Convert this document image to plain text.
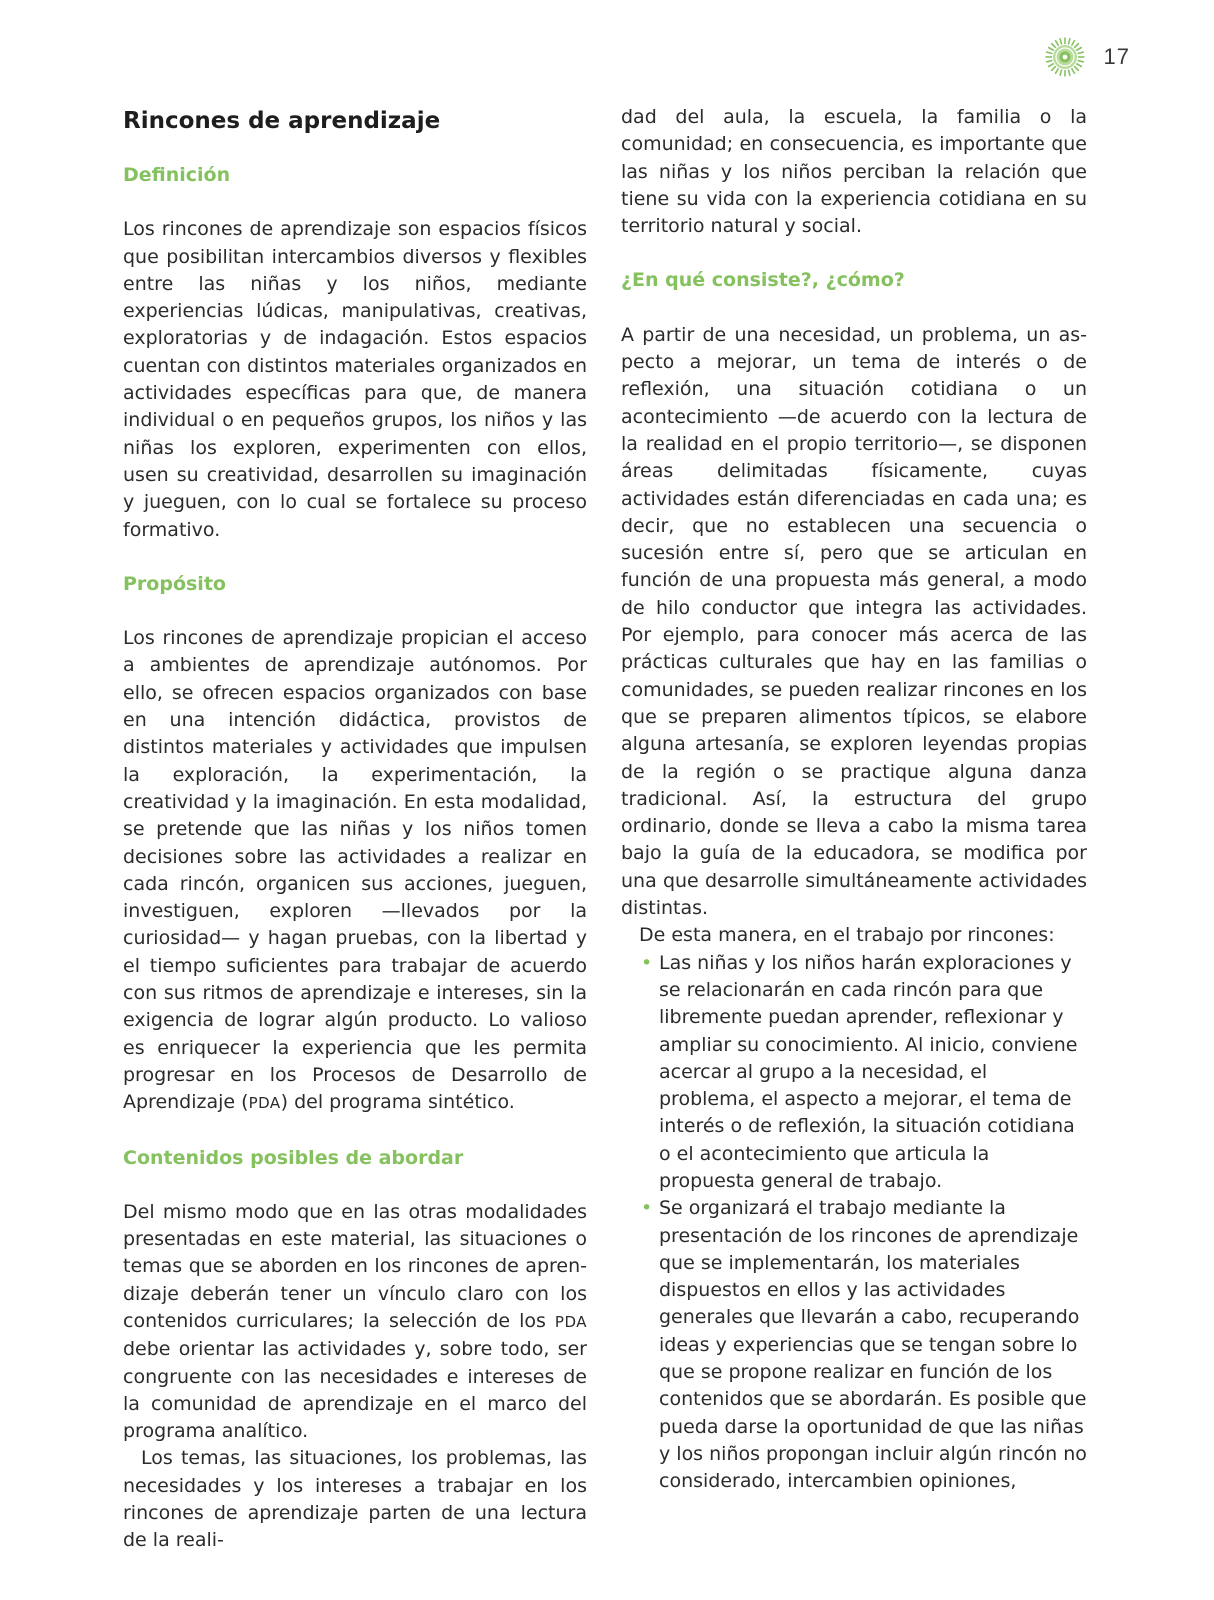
17
Rincones de aprendizaje
Definición

Los rincones de aprendizaje son espacios físicos que posibilitan intercambios diversos y flexibles entre las niñas y los niños, mediante experiencias lúdicas, manipulativas, creativas, exploratorias y de indagación. Estos espacios cuentan con distintos materiales organizados en actividades específicas para que, de manera individual o en pequeños grupos, los niños y las niñas los exploren, experimenten con ellos, usen su creatividad, desarrollen su imaginación y jueguen, con lo cual se fortalece su proceso formativo.

Propósito

Los rincones de aprendizaje propician el acceso a ambientes de aprendizaje autónomos. Por ello, se ofrecen espacios organizados con base en una intención didáctica, provistos de distintos materiales y actividades que impulsen la exploración, la experimentación, la creatividad y la imaginación. En esta modalidad, se pretende que las niñas y los niños tomen decisiones sobre las actividades a realizar en cada rincón, organicen sus acciones, jueguen, investiguen, exploren —llevados por la curiosidad— y hagan pruebas, con la libertad y el tiempo suficientes para trabajar de acuerdo con sus ritmos de aprendizaje e intereses, sin la exigencia de lograr algún producto. Lo valioso es enriquecer la experiencia que les permita progresar en los Procesos de Desarrollo de Aprendizaje (PDA) del programa sintético.

Contenidos posibles de abordar

Del mismo modo que en las otras modalidades presentadas en este material, las situaciones o temas que se aborden en los rincones de aprendizaje deberán tener un vínculo claro con los contenidos curriculares; la selección de los PDA debe orientar las actividades y, sobre todo, ser congruente con las necesidades e intereses de la comunidad de aprendizaje en el marco del programa analítico.

Los temas, las situaciones, los problemas, las necesidades y los intereses a trabajar en los rincones de aprendizaje parten de una lectura de la reali-

dad del aula, la escuela, la familia o la comunidad; en consecuencia, es importante que las niñas y los niños perciban la relación que tiene su vida con la experiencia cotidiana en su territorio natural y social.

¿En qué consiste?, ¿cómo?

A partir de una necesidad, un problema, un aspecto a mejorar, un tema de interés o de reflexión, una situación cotidiana o un acontecimiento —de acuerdo con la lectura de la realidad en el propio territorio—, se disponen áreas delimitadas físicamente, cuyas actividades están diferenciadas en cada una; es decir, que no establecen una secuencia o sucesión entre sí, pero que se articulan en función de una propuesta más general, a modo de hilo conductor que integra las actividades. Por ejemplo, para conocer más acerca de las prácticas culturales que hay en las familias o comunidades, se pueden realizar rincones en los que se preparen alimentos típicos, se elabore alguna artesanía, se exploren leyendas propias de la región o se practique alguna danza tradicional. Así, la estructura del grupo ordinario, donde se lleva a cabo la misma tarea bajo la guía de la educadora, se modifica por una que desarrolle simultáneamente actividades distintas.

De esta manera, en el trabajo por rincones:

• Las niñas y los niños harán exploraciones y se relacionarán en cada rincón para que libremente puedan aprender, reflexionar y ampliar su conocimiento. Al inicio, conviene acercar al grupo a la necesidad, el problema, el aspecto a mejorar, el tema de interés o de reflexión, la situación cotidiana o el acontecimiento que articula la propuesta general de trabajo.
• Se organizará el trabajo mediante la presentación de los rincones de aprendizaje que se implementarán, los materiales dispuestos en ellos y las actividades generales que llevarán a cabo, recuperando ideas y experiencias que se tengan sobre lo que se propone realizar en función de los contenidos que se abordarán. Es posible que pueda darse la oportunidad de que las niñas y los niños propongan incluir algún rincón no considerado, intercambien opiniones,
